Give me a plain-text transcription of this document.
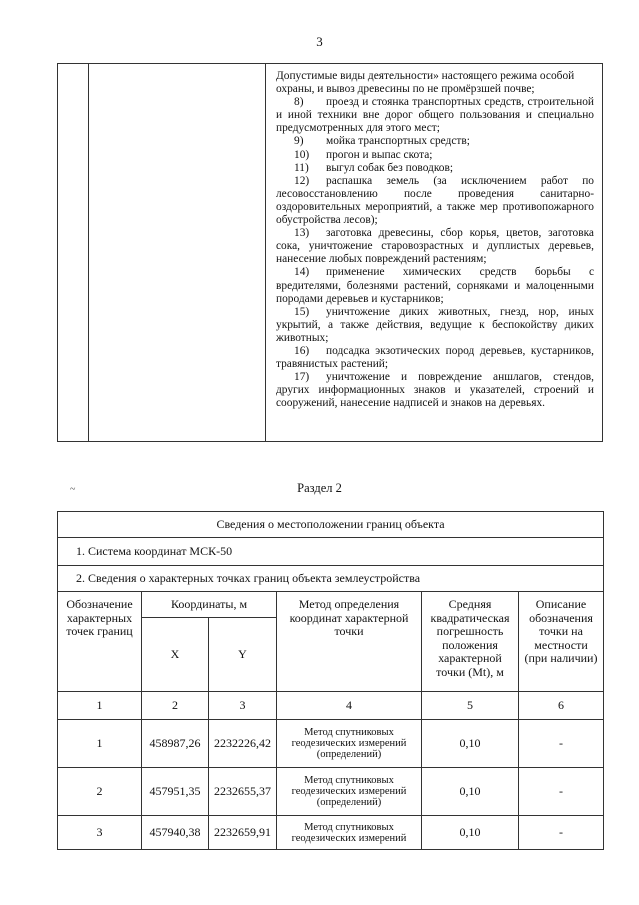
3

Допустимые виды деятельности» настоящего режима особой

охраны, и вывоз древесины по не промёрзшей почве;

8) проезд и стоянка транспортных средств, строительной и иной техники вне дорог общего пользования и специально предусмотренных для этого мест;

9) мойка транспортных средств;

10) прогон и выпас скота;

11) выгул собак без поводков;

12) распашка земель (за исключением работ по лесовосстановлению после проведения санитарно-оздоровительных мероприятий, а также мер противопожарного обустройства лесов);

13) заготовка древесины, сбор корья, цветов, заготовка сока, уничтожение старовозрастных и дуплистых деревьев, нанесение любых повреждений растениям;

14) применение химических средств борьбы с вредителями, болезнями растений, сорняками и малоценными породами деревьев и кустарников;

15) уничтожение диких животных, гнезд, нор, иных укрытий, а также действия, ведущие к беспокойству диких животных;

16) подсадка экзотических пород деревьев, кустарников, травянистых растений;

17) уничтожение и повреждение аншлагов, стендов, других информационных знаков и указателей, строений и сооружений, нанесение надписей и знаков на деревьях.

Раздел 2
~
Сведения о местоположении границ объекта					
1. Система координат МСК-50					
2. Сведения о характерных точках границ объекта землеустройства					
Обозначение характерных точек границ	Координаты, м		Метод определения координат характерной точки	Средняя квадратическая погрешность положения характерной точки (Mt), м	Описание обозначения точки на местности (при наличии)
	X	Y			
1	2	3	4	5	6
1	458987,26	2232226,42	Метод спутниковых геодезических измерений (определений)	0,10	-
2	457951,35	2232655,37	Метод спутниковых геодезических измерений (определений)	0,10	-
3	457940,38	2232659,91	Метод спутниковых геодезических измерений	0,10	-
